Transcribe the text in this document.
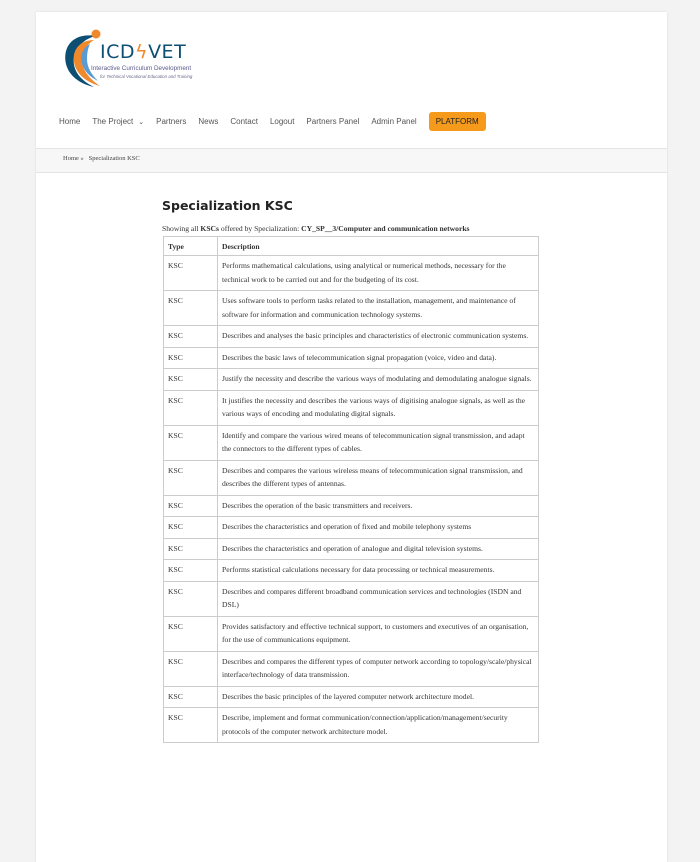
ICDϟVET
Interactive Curriculum Development
for Technical Vocational Education and Training
Home The Project ⌄ Partners News Contact Logout Partners Panel Admin Panel	PLATFORM
Home » Specialization KSC
Specialization KSC
Showing all KSCs offered by Specialization: CY_SP__3/Computer and communication networks
Type	Description
KSC	Performs mathematical calculations, using analytical or numerical methods, necessary for the technical work to be carried out and for the budgeting of its cost.
KSC	Uses software tools to perform tasks related to the installation, management, and maintenance of software for information and communication technology systems.
KSC	Describes and analyses the basic principles and characteristics of electronic communication systems.
KSC	Describes the basic laws of telecommunication signal propagation (voice, video and data).
KSC	Justify the necessity and describe the various ways of modulating and demodulating analogue signals.
KSC	It justifies the necessity and describes the various ways of digitising analogue signals, as well as the various ways of encoding and modulating digital signals.
KSC	Identify and compare the various wired means of telecommunication signal transmission, and adapt the connectors to the different types of cables.
KSC	Describes and compares the various wireless means of telecommunication signal transmission, and describes the different types of antennas.
KSC	Describes the operation of the basic transmitters and receivers.
KSC	Describes the characteristics and operation of fixed and mobile telephony systems
KSC	Describes the characteristics and operation of analogue and digital television systems.
KSC	Performs statistical calculations necessary for data processing or technical measurements.
KSC	Describes and compares different broadband communication services and technologies (ISDN and DSL)
KSC	Provides satisfactory and effective technical support, to customers and executives of an organisation, for the use of communications equipment.
KSC	Describes and compares the different types of computer network according to topology/scale/physical interface/technology of data transmission.
KSC	Describes the basic principles of the layered computer network architecture model.
KSC	Describe, implement and format communication/connection/application/management/security protocols of the computer network architecture model.
